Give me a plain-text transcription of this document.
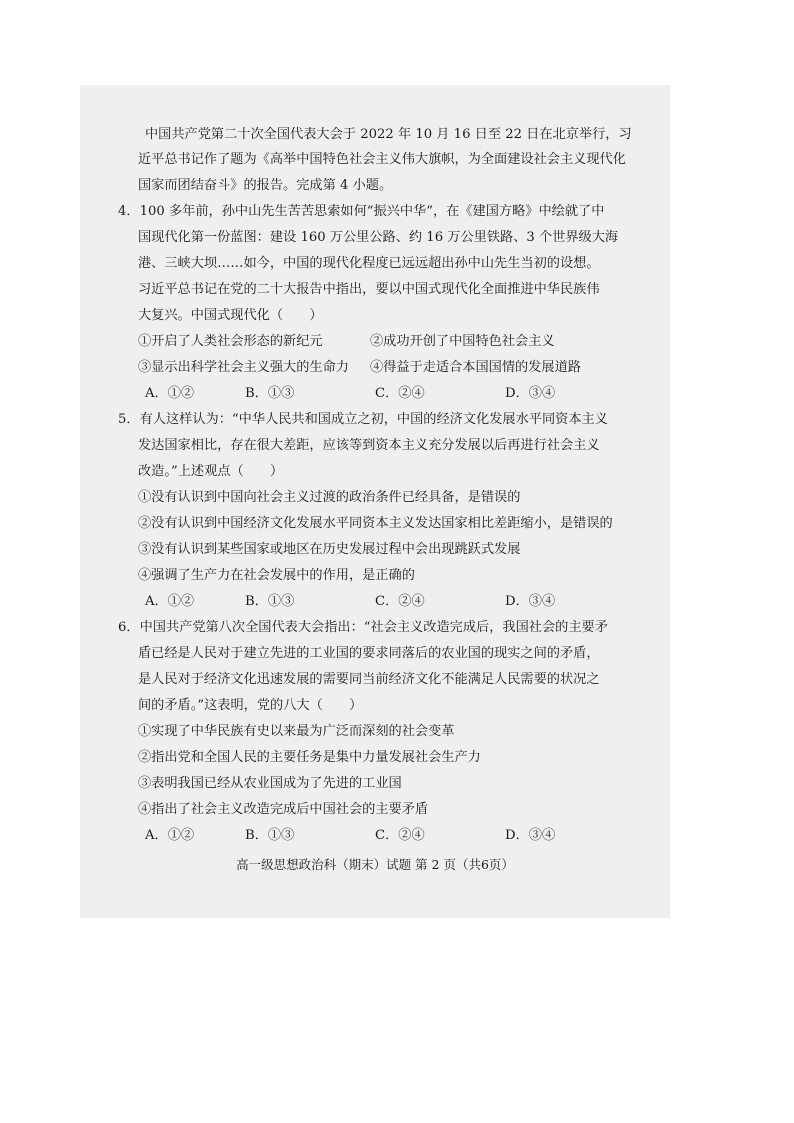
中国共产党第二十次全国代表大会于 2022 年 10 月 16 日至 22 日在北京举行，习
近平总书记作了题为《高举中国特色社会主义伟大旗帜，为全面建设社会主义现代化
国家而团结奋斗》的报告。完成第 4 小题。
4．100 多年前，孙中山先生苦苦思索如何“振兴中华”，在《建国方略》中绘就了中
国现代化第一份蓝图：建设 160 万公里公路、约 16 万公里铁路、3 个世界级大海
港、三峡大坝……如今，中国的现代化程度已远远超出孙中山先生当初的设想。
习近平总书记在党的二十大报告中指出，要以中国式现代化全面推进中华民族伟
大复兴。中国式现代化（　　）
①开启了人类社会形态的新纪元	②成功开创了中国特色社会主义
③显示出科学社会主义强大的生命力 ④得益于走适合本国国情的发展道路
A．①②	B．①③	C．②④	D．③④
5．有人这样认为：“中华人民共和国成立之初，中国的经济文化发展水平同资本主义
发达国家相比，存在很大差距，应该等到资本主义充分发展以后再进行社会主义
改造。”上述观点（　　）
①没有认识到中国向社会主义过渡的政治条件已经具备，是错误的
②没有认识到中国经济文化发展水平同资本主义发达国家相比差距缩小，是错误的
③没有认识到某些国家或地区在历史发展过程中会出现跳跃式发展
④强调了生产力在社会发展中的作用，是正确的
A．①②	B．①③	C．②④	D．③④
6．中国共产党第八次全国代表大会指出：“社会主义改造完成后，我国社会的主要矛
盾已经是人民对于建立先进的工业国的要求同落后的农业国的现实之间的矛盾，
是人民对于经济文化迅速发展的需要同当前经济文化不能满足人民需要的状况之
间的矛盾。”这表明，党的八大（　　）
①实现了中华民族有史以来最为广泛而深刻的社会变革
②指出党和全国人民的主要任务是集中力量发展社会生产力
③表明我国已经从农业国成为了先进的工业国
④指出了社会主义改造完成后中国社会的主要矛盾
A．①②	B．①③	C．②④	D．③④
高一级思想政治科（期末）试题 第 2 页（共6页）
